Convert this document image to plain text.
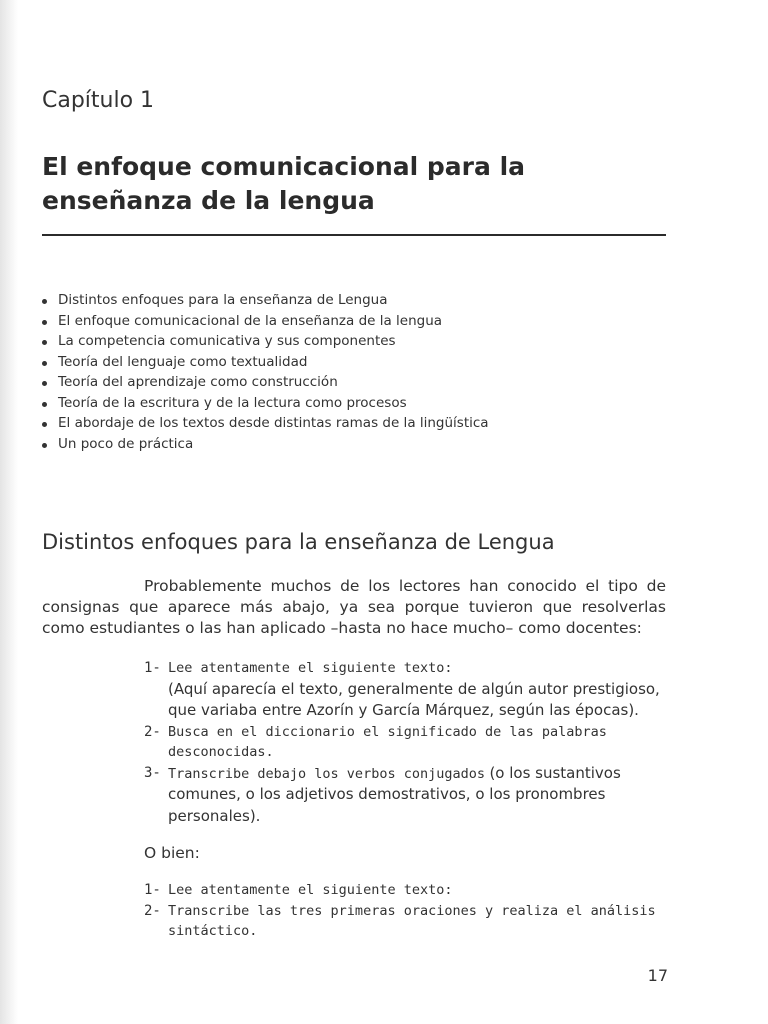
Capítulo 1
El enfoque comunicacional para la enseñanza de la lengua
Distintos enfoques para la enseñanza de Lengua
El enfoque comunicacional de la enseñanza de la lengua
La competencia comunicativa y sus componentes
Teoría del lenguaje como textualidad
Teoría del aprendizaje como construcción
Teoría de la escritura y de la lectura como procesos
El abordaje de los textos desde distintas ramas de la lingüística
Un poco de práctica
Distintos enfoques para la enseñanza de Lengua

Probablemente muchos de los lectores han conocido el tipo de consignas que aparece más abajo, ya sea porque tuvieron que resolverlas como estudiantes o las han aplicado –hasta no hace mucho– como docentes:

1- Lee atentamente el siguiente texto:
(Aquí aparecía el texto, generalmente de algún autor prestigioso, que variaba entre Azorín y García Márquez, según las épocas).
2- Busca en el diccionario el significado de las palabras desconocidas.
3- Transcribe debajo los verbos conjugados (o los sustantivos comunes, o los adjetivos demostrativos, o los pronombres personales).

O bien:

1- Lee atentamente el siguiente texto:
2- Transcribe las tres primeras oraciones y realiza el análisis sintáctico.
17
